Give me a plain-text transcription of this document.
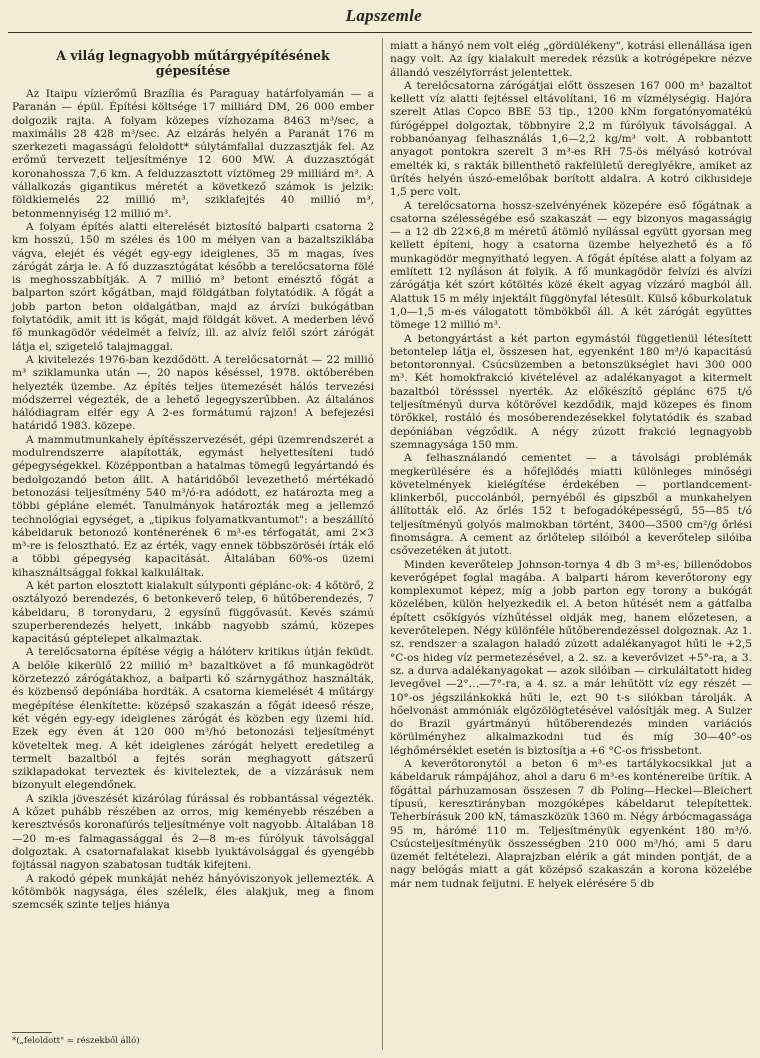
Lapszemle
A világ legnagyobb műtárgyépítésének gépesítése

Az Itaipu vízierőmű Brazília és Paraguay határfolyamán — a Paranán — épül. Építési költsége 17 milliárd DM, 26 000 ember dolgozik rajta. A folyam közepes vízhozama 8463 m³/sec, a maximális 28 428 m³/sec. Az elzárás helyén a Paranát 176 m szerkezeti magasságú feloldott* súlytámfallal duzzasztják fel. Az erőmű tervezett teljesítménye 12 600 MW. A duzzasztógát koronahossza 7,6 km. A felduzzasztott víztömeg 29 milliárd m³. A vállalkozás gigantikus méretét a következő számok is jelzik: földkiemelés 22 millió m³, sziklafejtés 40 millió m³, betonmennyiség 12 millió m³.

A folyam építés alatti elterelését biztosító balparti csatorna 2 km hosszú, 150 m széles és 100 m mélyen van a bazaltsziklába vágva, elejét és végét egy-egy ideiglenes, 35 m magas, íves zárógát zárja le. A fő duzzasztógátat később a terelőcsatorna fölé is meghosszabbítják. A 7 millió m³ betont emésztő főgát a balparton szórt kőgátban, majd földgátban folytatódik. A főgát a jobb parton beton oldalgátban, majd az árvízi bukógátban folytatódik, amit itt is kőgát, majd földgát követ. A mederben lévő fő munkagödör védelmét a felvíz, ill. az alvíz felől szórt zárógát látja el, szigetelő talajmaggal.

A kivitelezés 1976-ban kezdődött. A terelőcsatornát — 22 millió m³ sziklamunka után —, 20 napos késéssel, 1978. októberében helyezték üzembe. Az építés teljes ütemezését hálós tervezési módszerrel végezték, de a lehető legegyszerűbben. Az általános hálódiagram elfér egy A 2-es formátumú rajzon! A befejezési határidő 1983. közepe.

A mammutmunkahely építésszervezését, gépi üzemrendszerét a modulrendszerre alapították, egymást helyettesíteni tudó gépegységekkel. Középpontban a hatalmas tömegű legyártandó és bedolgozandó beton állt. A határidőből levezethető mértékadó betonozási teljesítmény 540 m³/ó-ra adódott, ez határozta meg a többi gépláne elemét. Tanulmányok határozták meg a jellemző technológiai egységet, a „tipikus folyamatkvantumot": a beszállító kábeldaruk betonozó konténerének 6 m³-es térfogatát, ami 2×3 m³-re is felosztható. Ez az érték, vagy ennek többszöröséi írták elő a többi gépegység kapacitását. Általában 60%-os üzemi kihasználtsággal fokkal kalkuláltak.

A két parton elosztott kialakult súlyponti géplánc-ok: 4 kőtörő, 2 osztályozó berendezés, 6 betonkeverő telep, 6 hűtőberendezés, 7 kábeldaru, 8 toronydaru, 2 egysínű függővasút. Kevés számú szuperberendezés helyett, inkább nagyobb számú, közepes kapacitású géptelepet alkalmaztak.

A terelőcsatorna építése végig a hálóterv kritikus útján feküdt. A belőle kikerülő 22 millió m³ bazaltkövet a fő munkagödröt körzetezzó zárógátakhoz, a balparti kő szárnygáthoz használták, és közbenső depóniába hordták. A csatorna kiemelését 4 műtárgy megépítése élenkítette: középső szakaszán a főgát ideeső része, két végén egy-egy ideiglenes zárógát és közben egy üzemi híd. Ezek egy éven át 120 000 m³/hó betonozási teljesítményt követeltek meg. A két ideiglenes zárógát helyett eredetileg a termelt bazaltból a fejtés során meghagyott gátszerű sziklapadokat terveztek és kiviteleztek, de a vízzárásuk nem bizonyult elegendőnek.

A szikla jöveszését kizárólag fúrással és robbantással végezték. A kőzet puhább részében az orros, mig keményebb részében a keresztvésős koronafúrós teljesítménye volt nagyobb. Általában 18—20 m-es falmagassággal és 2—8 m-es fúrólyuk távolsággal dolgoztak. A csatornafalakat kisebb lyuktávolsággal és gyengébb fojtással nagyon szabatosan tudták kifejteni.

A rakodó gépek munkáját nehéz hányóviszonyok jellemezték. A kőtömbök nagysága, éles szélelk, éles alakjuk, meg a finom szemcsék szinte teljes hiánya

miatt a hányó nem volt elég „gördülékeny", kotrási ellenállása igen nagy volt. Az így kialakult meredek rézsük a kotrógépekre nézve állandó veszélyforrást jelentettek.

A terelőcsatorna zárógátjai előtt összesen 167 000 m³ bazaltot kellett víz alatti fejtéssel eltávolítani, 16 m vízmélységig. Hajóra szerelt Atlas Copco BBE 53 tip., 1200 kNm forgatónyomatékú fúrógéppel dolgoztak, többnyire 2,2 m fúrólyuk távolsággal. A robbanóanyag felhasználás 1,6—2,2 kg/m³ volt. A robbantott anyagot pontokra szerelt 3 m³-es RH 75-ös mélyásó kotróval emelték ki, s rakták billenthető rakfelületű dereglyékre, amiket az ürítés helyén úszó-emelőbak borított aldalra. A kotró ciklusideje 1,5 perc volt.

A terelőcsatorna hossz-szelvényének közepére eső főgátnak a csatorna szélességébe eső szakaszát — egy bizonyos magasságig — a 12 db 22×6,8 m méretű átömlő nyílással együtt gyorsan meg kellett építeni, hogy a csatorna üzembe helyezhető és a fő munkagödör megnyitható legyen. A főgát építése alatt a folyam az említett 12 nyíláson át folyik. A fő munkagödör felvízi és alvízi zárógátja két szórt kőtöltés közé ékelt agyag vízzáró magból áll. Alattuk 15 m mély injektált függönyfal létesült. Külső kőburkolatuk 1,0—1,5 m-es válogatott tömbökből áll. A két zárógát együttes tömege 12 millió m³.

A betongyártást a két parton egymástól függetlenül létesített betontelep látja el, összesen hat, egyenként 180 m³/ó kapacitású betontoronnyal. Csúcsüzemben a betonszükséglet havi 300 000 m³. Két homokfrakció kivételével az adalékanyagot a kitermelt bazaltból törésssel nyerték. Az előkészítő géplánc 675 t/ó teljesítményű durva kőtörővel kezdődik, majd közepes és finom törőkkel, rostáló és mosóberendezésekkel folytatódik és szabad depóniában végződik. A négy zúzott frakció legnagyobb szemnagysága 150 mm.

A felhasználandó cementet — a távolsági problémák megkerülésére és a hőfejlődés miatti különleges minőségi követelmények kielégítése érdekében — portlandcement-klinkerből, puccolánból, pernyéből és gipszből a munkahelyen állították elő. Az őrlés 152 t befogadóképességű, 55—85 t/ó teljesítményű golyós malmokban történt, 3400—3500 cm²/g őrlési finomságra. A cement az őrlőtelep silóiból a keverőtelep silóiba csővezetéken át jutott.

Minden keverőtelep Johnson-tornya 4 db 3 m³-es, billenődobos keverőgépet foglal magába. A balparti három keverőtorony egy komplexumot képez, míg a jobb parton egy torony a bukógát közelében, külön helyezkedik el. A beton hűtését nem a gátfalba épített csőkígyós vízhűtéssel oldják meg, hanem előzetesen, a keverőtelepen. Négy különféle hűtőberendezéssel dolgoznak. Az 1. sz. rendszer a szalagon haladó zúzott adalékanyagot hűti le +2,5 °C-os hideg víz permetezésével, a 2. sz. a keverővizet +5°-ra, a 3. sz. a durva adalékanyagokat — azok silóiban — cirkuláltatott hideg levegővel —2°…—7°-ra, a 4. sz. a már lehűtött víz egy részét —10°-os jégszilánkokká hűti le, ezt 90 t-s silókban tárolják. A hőelvonást ammóniák elgőzölögtetésével valósítják meg. A Sulzer do Brazil gyártmányú hűtőberendezés minden variációs körülményhez alkalmazkodni tud és míg 30—40°-os léghőmérséklet esetén is biztosítja a +6 °C-os frissbetont.

A keverőtoronytól a beton 6 m³-es tartálykocsikkal jut a kábeldaruk rámpájához, ahol a daru 6 m³-es konténereibe ürítik. A főgáttal párhuzamosan összesen 7 db Poling—Heckel—Bleichert típusú, keresztirányban mozgóképes kábeldarut telepítettek. Teherbírásuk 200 kN, támaszközük 1360 m. Négy árbócmagassága 95 m, hárómé 110 m. Teljesítményük egyenként 180 m³/ó. Csúcsteljesítményük összességben 210 000 m³/hó, ami 5 daru üzemét feltételezi. Alaprajzban elérik a gát minden pontját, de a nagy belógás miatt a gát középső szakaszán a korona közelébe már nem tudnak feljutni. E helyek elérésére 5 db

*(„feloldott" = részekből álló)
